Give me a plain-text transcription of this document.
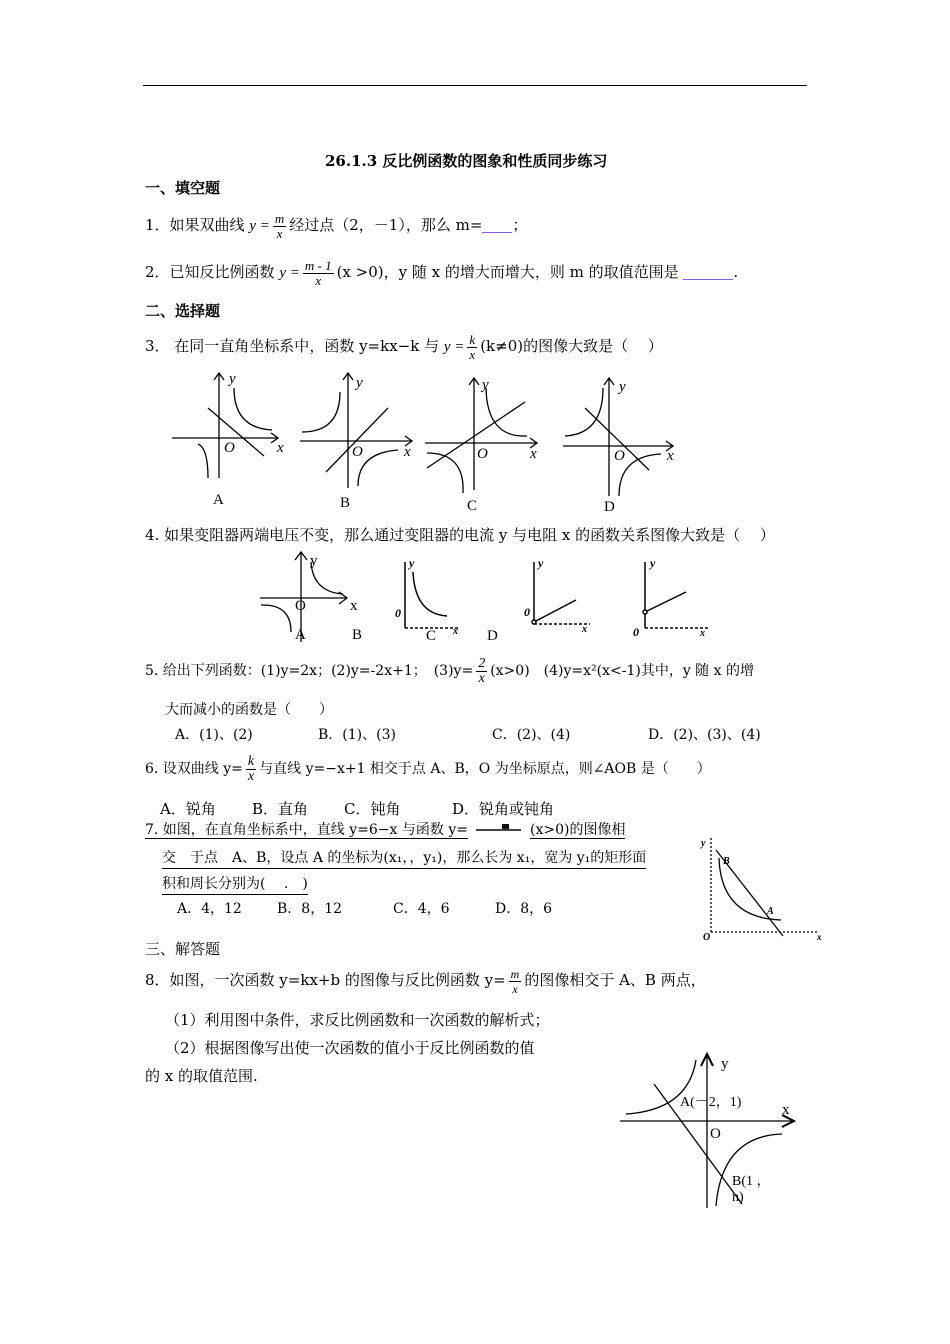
26.1.3 反比例函数的图象和性质同步练习
一、填空题
1．如果双曲线 $y = \frac{m}{x}$ 经过点（2，－1），那么 m= ；
2．已知反比例函数 $y = \frac{m - 1}{x} (x >0)$，y 随 x 的增大而增大，则 m 的取值范围是	.
二、选择题
3． 在同一直角坐标系中，函数 y=kx−k 与 $y = \frac{k}{x} (k\ne 0)$的图像大致是（　 ）
y
O	x
A
y
O	x
B
y
O	x
C
y
O	x
D
4. 如果变阻器两端电压不变，那么通过变阻器的电流 y 与电阻 x 的函数关系图像大致是（　 ）
y
O	x
A	B
y
0
x
C	D
y
0
x
y
0	x
5. 给出下列函数：(1)y=2x；(2)y=-2x+1；　$(3)y= \frac{2}{x} (x>0)$　(4)y=x²(x<-1)其中，y 随 x 的增
大而减小的函数是（　　）
A．(1)、(2)	B．(1)、(3)	C．(2)、(4)	D．(2)、(3)、(4)
6. 设双曲线 $y= \frac{k}{x}$ 与直线 y=−x+1 相交于点 A、B，O 为坐标原点，则∠AOB 是（　　）
A．锐角 B．直角 C．钝角	D．锐角或钝角
7. 如图，在直角坐标系中，直线 y=6−x 与函数 y=	(x>0)的图像相
交　于点　A、B，设点 A 的坐标为(x₁，，y₁)，那么长为 x₁，宽为 y₁的矩形面
积和周长分别为(　 .　)
A．4，12	B．8，12	C．4，6	D．8，6
y
B
A
O	x
三、解答题
8．如图，一次函数 y=kx+b 的图像与反比例函数 $y= \frac{m}{x}$ 的图像相交于 A、B 两点，
（1）利用图中条件，求反比例函数和一次函数的解析式；
（2）根据图像写出使一次函数的值小于反比例函数的值
的 x 的取值范围.
y
A(－2，1)	x
O
B(1 ，
n)
